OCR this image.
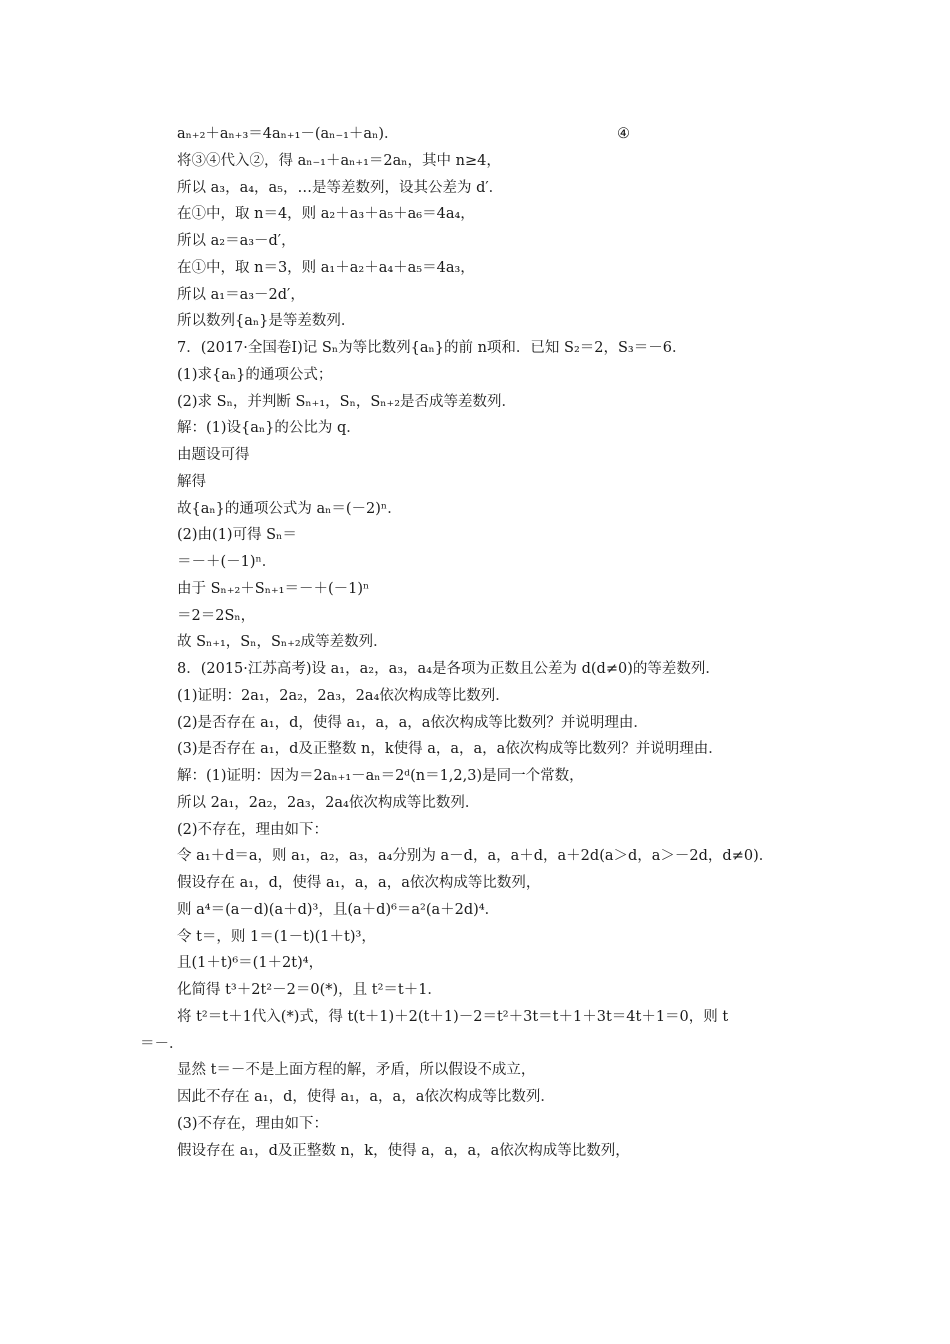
aₙ₊₂＋aₙ₊₃＝4aₙ₊₁－(aₙ₋₁＋aₙ)．	④
将③④代入②，得 aₙ₋₁＋aₙ₊₁＝2aₙ，其中 n≥4，
所以 a₃，a₄，a₅，…是等差数列，设其公差为 d′．
在①中，取 n＝4，则 a₂＋a₃＋a₅＋a₆＝4a₄，
所以 a₂＝a₃－d′，
在①中，取 n＝3，则 a₁＋a₂＋a₄＋a₅＝4a₃，
所以 a₁＝a₃－2d′，
所以数列{aₙ}是等差数列．
7．(2017·全国卷Ⅰ)记 Sₙ为等比数列{aₙ}的前 n项和．已知 S₂＝2，S₃＝－6．
(1)求{aₙ}的通项公式；
(2)求 Sₙ，并判断 Sₙ₊₁，Sₙ，Sₙ₊₂是否成等差数列．
解：(1)设{aₙ}的公比为 q．
由题设可得
解得
故{aₙ}的通项公式为 aₙ＝(－2)ⁿ．
(2)由(1)可得 Sₙ＝
＝－＋(－1)ⁿ．
由于 Sₙ₊₂＋Sₙ₊₁＝－＋(－1)ⁿ
＝2＝2Sₙ，
故 Sₙ₊₁，Sₙ，Sₙ₊₂成等差数列．
8．(2015·江苏高考)设 a₁，a₂，a₃，a₄是各项为正数且公差为 d(d≠0)的等差数列．
(1)证明：2a₁，2a₂，2a₃，2a₄依次构成等比数列．
(2)是否存在 a₁，d，使得 a₁，a，a，a依次构成等比数列？并说明理由．
(3)是否存在 a₁，d及正整数 n，k使得 a，a，a，a依次构成等比数列？并说明理由．
解：(1)证明：因为＝2aₙ₊₁－aₙ＝2ᵈ(n＝1,2,3)是同一个常数，
所以 2a₁，2a₂，2a₃，2a₄依次构成等比数列．
(2)不存在，理由如下：
令 a₁＋d＝a，则 a₁，a₂，a₃，a₄分别为 a－d，a，a＋d，a＋2d(a＞d，a＞－2d，d≠0)．
假设存在 a₁，d，使得 a₁，a，a，a依次构成等比数列，
则 a⁴＝(a－d)(a＋d)³，且(a＋d)⁶＝a²(a＋2d)⁴．
令 t＝，则 1＝(1－t)(1＋t)³，
且(1＋t)⁶＝(1＋2t)⁴，
化简得 t³＋2t²－2＝0(*)，且 t²＝t＋1．
将 t²＝t＋1代入(*)式，得 t(t＋1)＋2(t＋1)－2＝t²＋3t＝t＋1＋3t＝4t＋1＝0，则 t
＝－．
显然 t＝－不是上面方程的解，矛盾，所以假设不成立，
因此不存在 a₁，d，使得 a₁，a，a，a依次构成等比数列．
(3)不存在，理由如下：
假设存在 a₁，d及正整数 n，k，使得 a，a，a，a依次构成等比数列，
